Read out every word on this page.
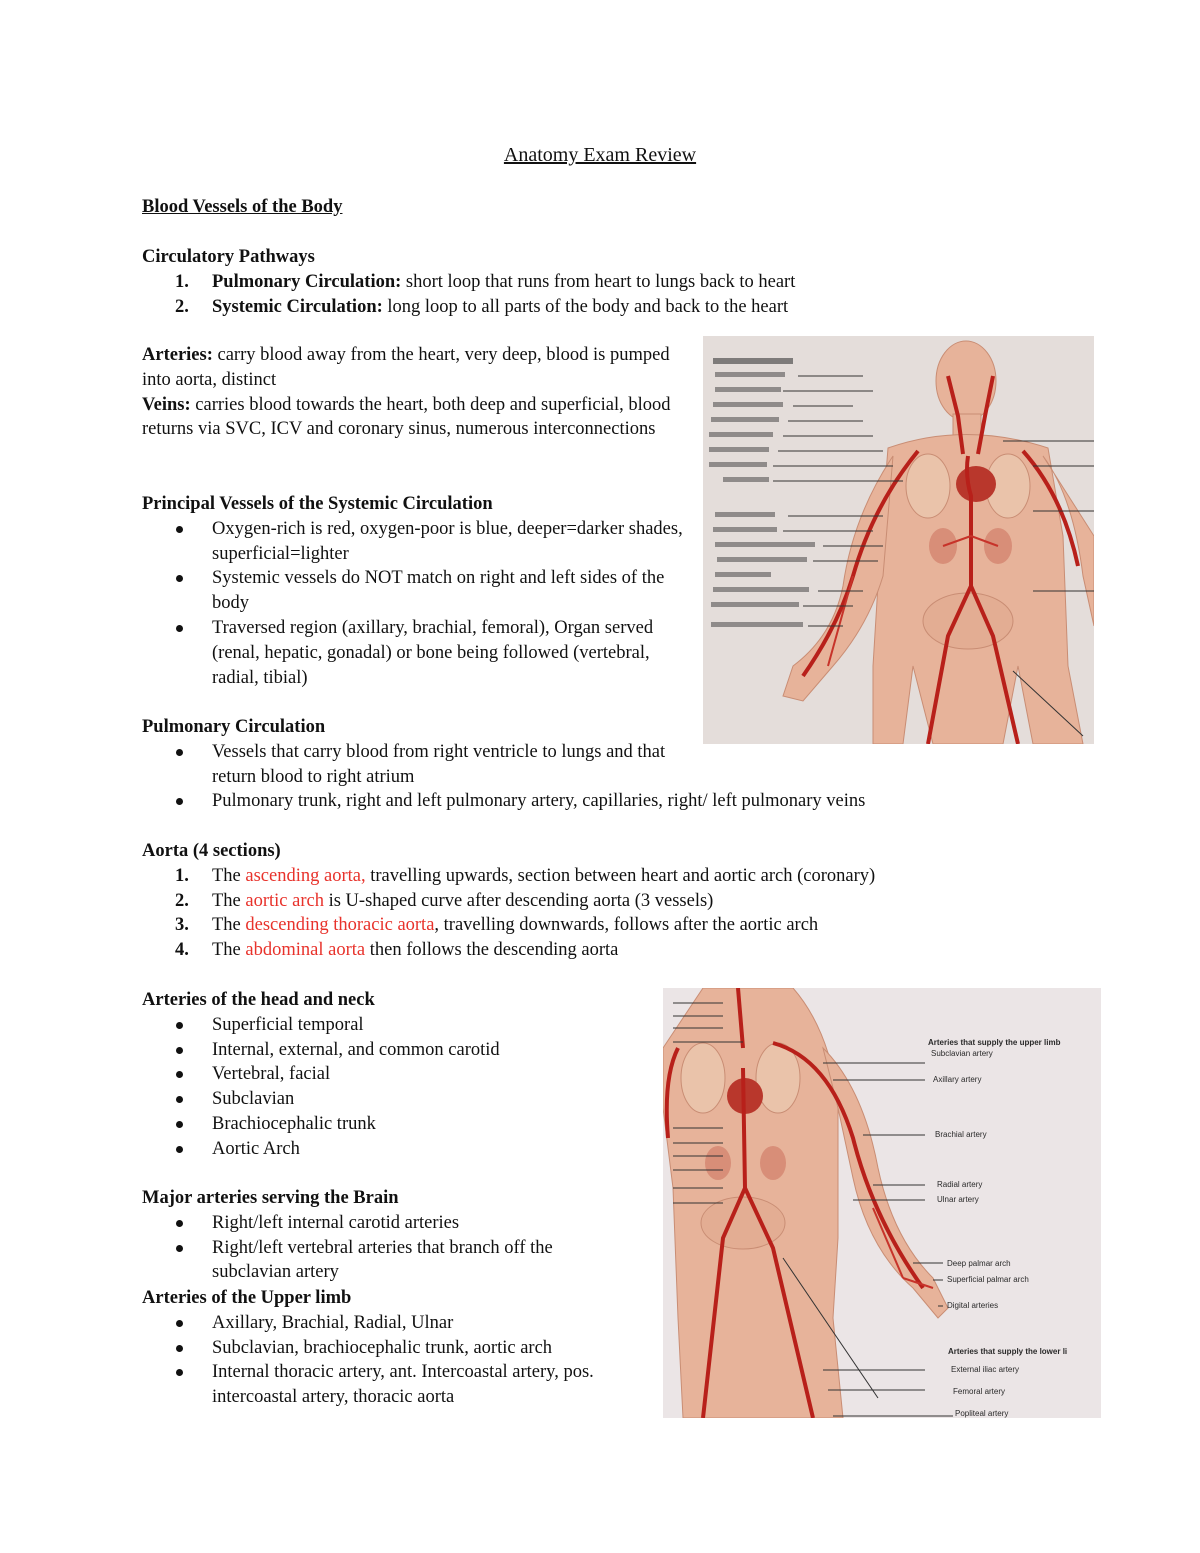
Anatomy Exam Review
Blood Vessels of the Body
Circulatory Pathways
1. Pulmonary Circulation: short loop that runs from heart to lungs back to heart
2. Systemic Circulation: long loop to all parts of the body and back to the heart

Arteries: carry blood away from the heart, very deep, blood is pumped into aorta, distinct

Veins: carries blood towards the heart, both deep and superficial, blood returns via SVC, ICV and coronary sinus, numerous interconnections

Principal Vessels of the Systemic Circulation
Oxygen-rich is red, oxygen-poor is blue, deeper=darker shades, superficial=lighter
Systemic vessels do NOT match on right and left sides of the body
Traversed region (axillary, brachial, femoral), Organ served (renal, hepatic, gonadal) or bone being followed (vertebral, radial, tibial)
Pulmonary Circulation
Vessels that carry blood from right ventricle to lungs and that return blood to right atrium
Pulmonary trunk, right and left pulmonary artery, capillaries, right/ left pulmonary veins
Aorta (4 sections)
1. The ascending aorta, travelling upwards, section between heart and aortic arch (coronary)
2. The aortic arch is U-shaped curve after descending aorta (3 vessels)
3. The descending thoracic aorta, travelling downwards, follows after the aortic arch
4. The abdominal aorta then follows the descending aorta
Arteries of the head and neck
Superficial temporal
Internal, external, and common carotid
Vertebral, facial
Subclavian
Brachiocephalic trunk
Aortic Arch
Major arteries serving the Brain
Right/left internal carotid arteries
Right/left vertebral arteries that branch off the subclavian artery
Arteries of the Upper limb
Axillary, Brachial, Radial, Ulnar
Subclavian, brachiocephalic trunk, aortic arch
Internal thoracic artery, ant. Intercoastal artery, pos. intercoastal artery, thoracic aorta
Arteries that supply the upper limb
Subclavian artery
Axillary artery
Brachial artery
Radial artery
Ulnar artery
Deep palmar arch
Superficial palmar arch
Digital arteries
Arteries that supply the lower li
External iliac artery
Femoral artery
Popliteal artery
